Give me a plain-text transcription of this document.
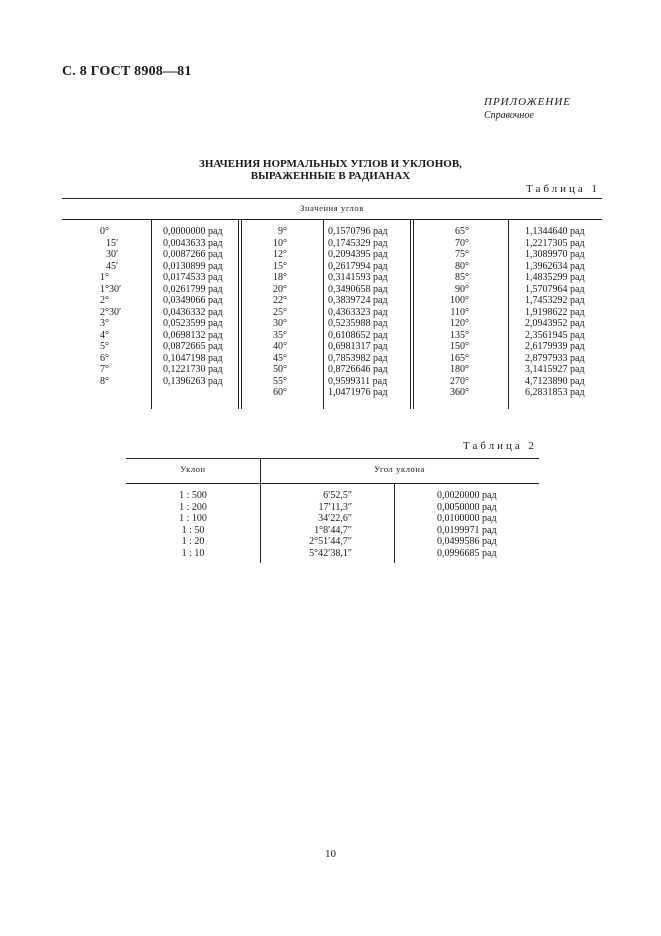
С. 8 ГОСТ 8908—81
ПРИЛОЖЕНИЕ
Справочное
ЗНАЧЕНИЯ НОРМАЛЬНЫХ УГЛОВ И УКЛОНОВ,
ВЫРАЖЕННЫЕ В РАДИАНАХ
Таблица 1
Значения углов
0°	0,0000000 рад
15′	0,0043633 рад
30′	0,0087266 рад
45′	0,0130899 рад
1°	0,0174533 рад
1°30′	0,0261799 рад
2°	0,0349066 рад
2°30′	0,0436332 рад
3°	0,0523599 рад
4°	0,0698132 рад
5°	0,0872665 рад
6°	0,1047198 рад
7°	0,1221730 рад
8°	0,1396263 рад
9°	0,1570796 рад
10°	0,1745329 рад
12°	0,2094395 рад
15°	0,2617994 рад
18°	0,3141593 рад
20°	0,3490658 рад
22°	0,3839724 рад
25°	0,4363323 рад
30°	0,5235988 рад
35°	0,6108652 рад
40°	0,6981317 рад
45°	0,7853982 рад
50°	0,8726646 рад
55°	0,9599311 рад
60°	1,0471976 рад
65°	1,1344640 рад
70°	1,2217305 рад
75°	1,3089970 рад
80°	1,3962634 рад
85°	1,4835299 рад
90°	1,5707964 рад
100°	1,7453292 рад
110°	1,9198622 рад
120°	2,0943952 рад
135°	2,3561945 рад
150°	2,6179939 рад
165°	2,8797933 рад
180°	3,1415927 рад
270°	4,7123890 рад
360°	6,2831853 рад
Таблица 2
Уклон	Угол уклона
1 : 500	6′52,5″	0,0020000 рад
1 : 200	17′11,3″	0,0050000 рад
1 : 100	34′22,6″	0,0100000 рад
1 : 50	1°8′44,7″	0,0199971 рад
1 : 20	2°51′44,7″	0,0499586 рад
1 : 10	5°42′38,1″	0,0996685 рад
10
